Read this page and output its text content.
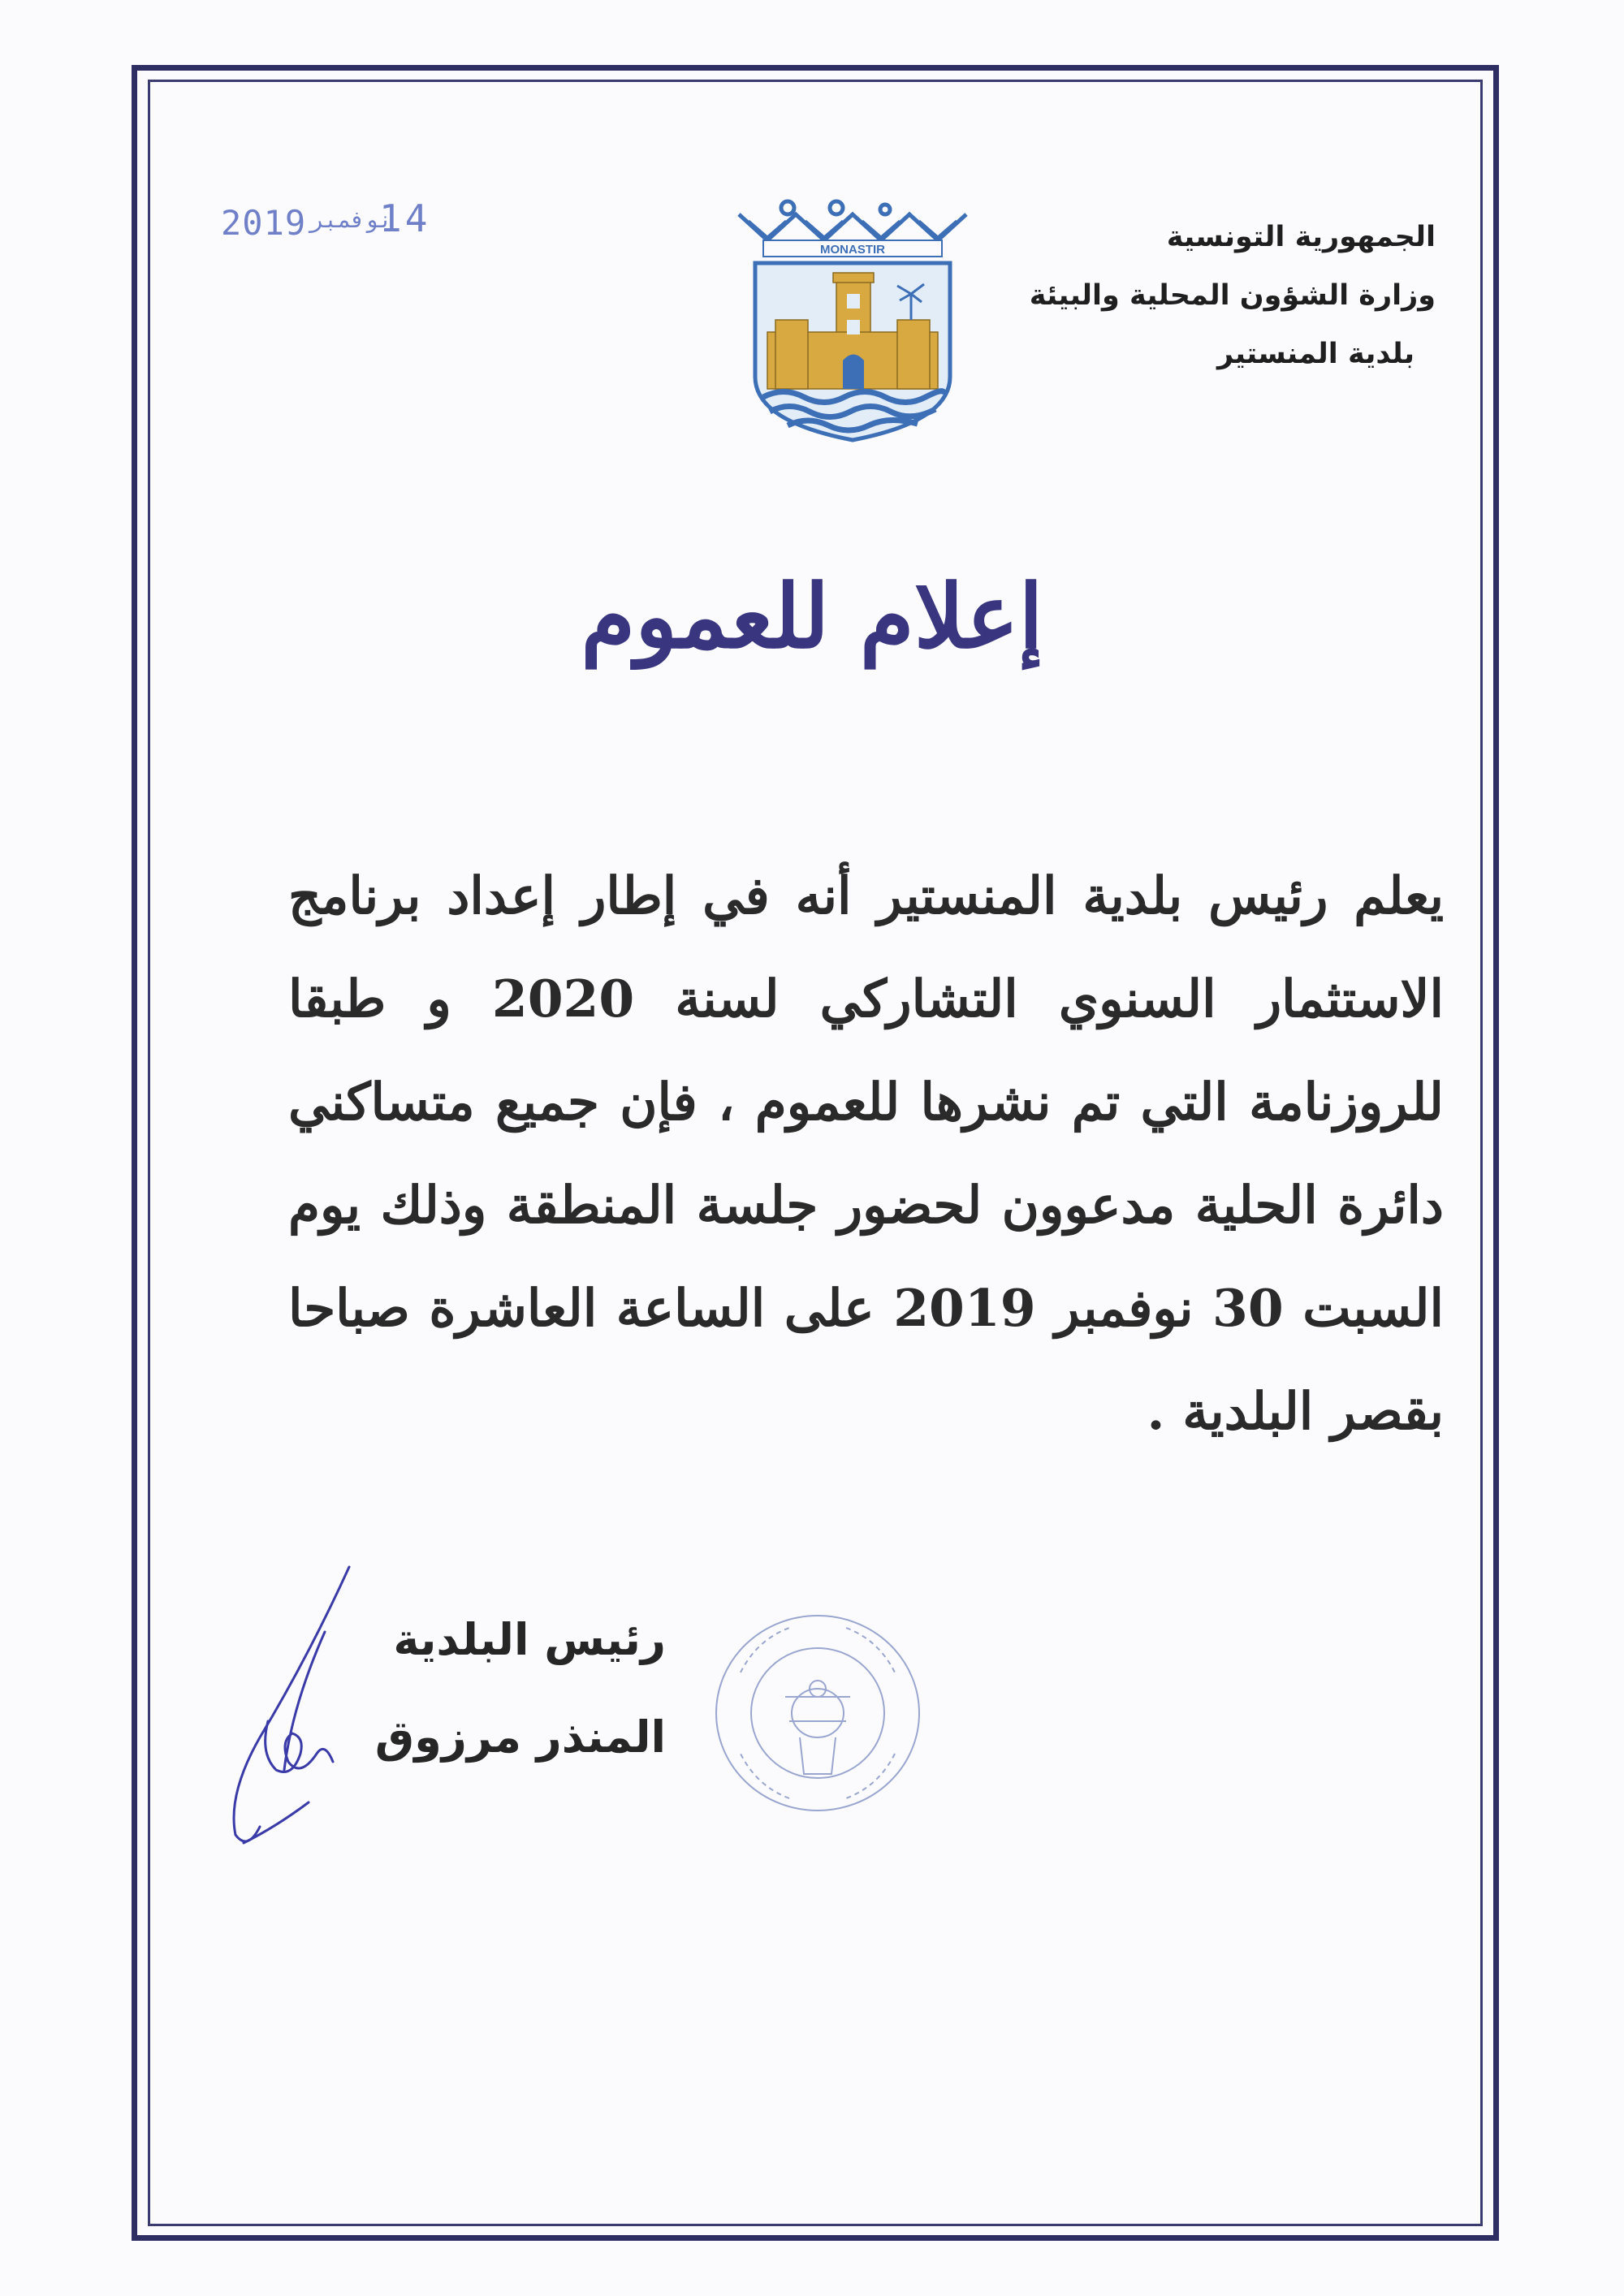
2019 نوفمبر
14
MONASTIR	الجمهورية التونسية
وزارة الشؤون المحلية والبيئة
بلدية المنستير
إعلام للعموم
يعلم رئيس بلدية المنستير أنه في إطار إعداد برنامج
الاستثمار السنوي التشاركي لسنة 2020 و طبقا
للروزنامة التي تم نشرها للعموم ، فإن جميع متساكني
دائرة الحلية مدعوون لحضور جلسة المنطقة وذلك يوم
السبت 30 نوفمبر 2019 على الساعة العاشرة صباحا
بقصر البلدية .
رئيس البلدية
المنذر مرزوق
